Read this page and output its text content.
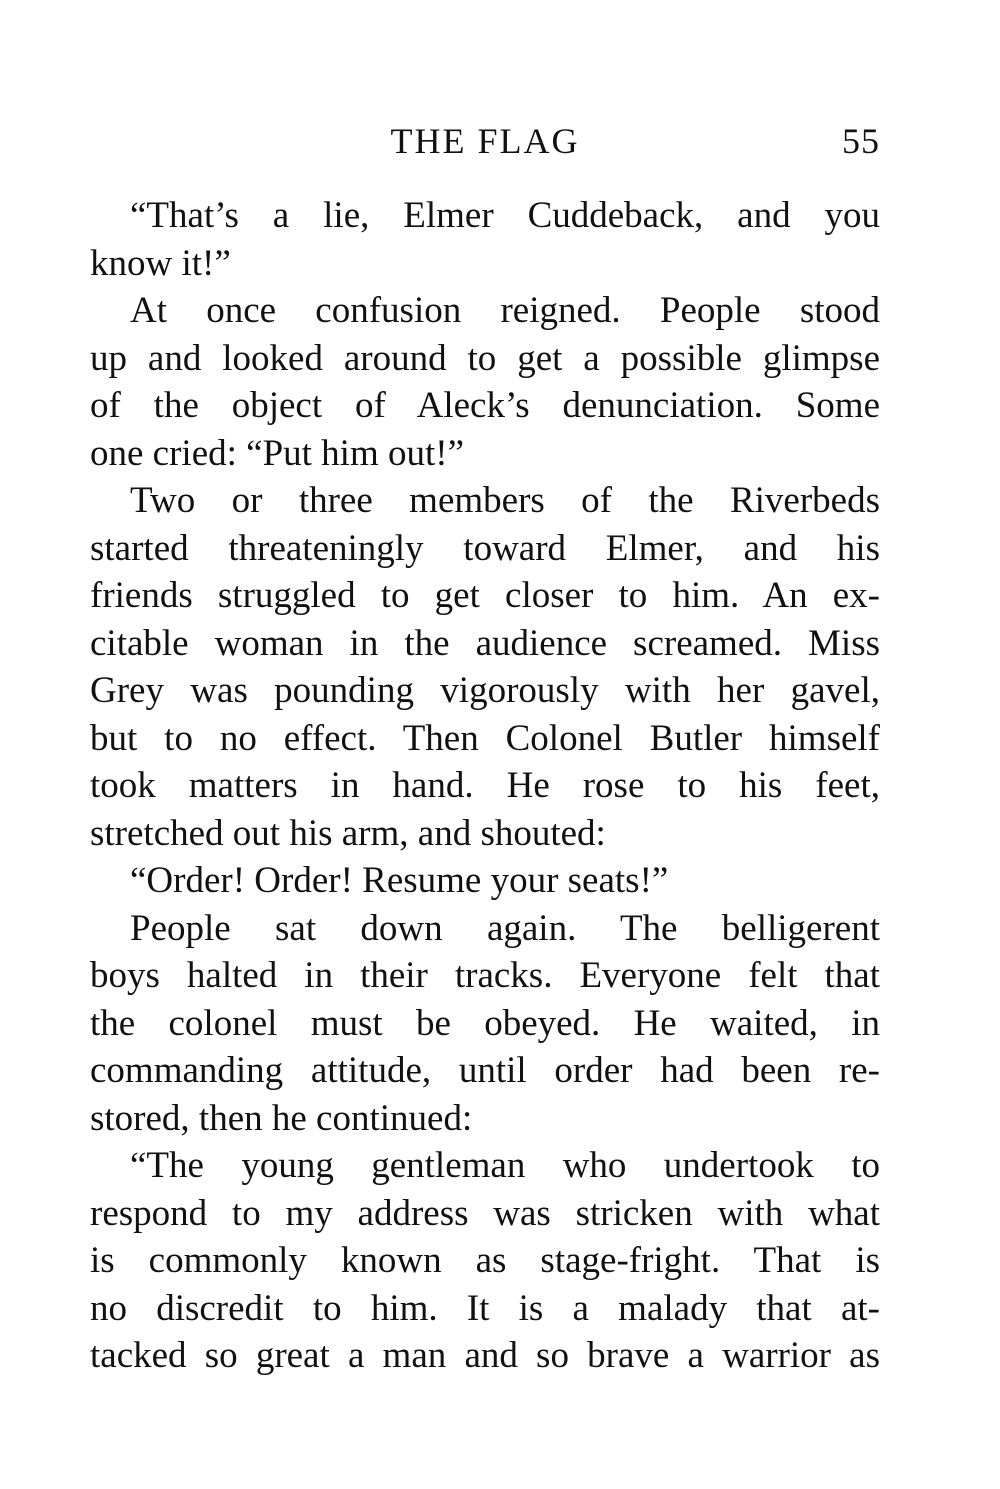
THE FLAG	55
“That’s a lie, Elmer Cuddeback, and you
know it!”
At once confusion reigned. People stood
up and looked around to get a possible glimpse
of the object of Aleck’s denunciation. Some
one cried: “Put him out!”
Two or three members of the Riverbeds
started threateningly toward Elmer, and his
friends struggled to get closer to him. An ex-
citable woman in the audience screamed. Miss
Grey was pounding vigorously with her gavel,
but to no effect. Then Colonel Butler himself
took matters in hand. He rose to his feet,
stretched out his arm, and shouted:
“Order! Order! Resume your seats!”
People sat down again. The belligerent
boys halted in their tracks. Everyone felt that
the colonel must be obeyed. He waited, in
commanding attitude, until order had been re-
stored, then he continued:
“The young gentleman who undertook to
respond to my address was stricken with what
is commonly known as stage-fright. That is
no discredit to him. It is a malady that at-
tacked so great a man and so brave a warrior as
